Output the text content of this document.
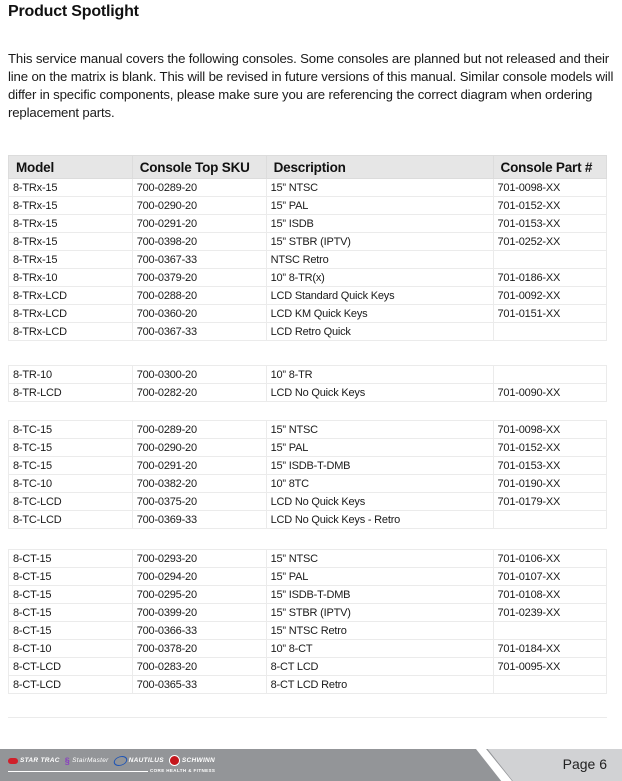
Product Spotlight
This service manual covers the following consoles. Some consoles are planned but not released and their line on the matrix is blank. This will be revised in future versions of this manual. Similar console models will differ in specific components, please make sure you are referencing the correct diagram when ordering replacement parts.
Model	Console Top SKU	Description	Console Part #
8-TRx-15	700-0289-20	15” NTSC	701-0098-XX
8-TRx-15	700-0290-20	15” PAL	701-0152-XX
8-TRx-15	700-0291-20	15” ISDB	701-0153-XX
8-TRx-15	700-0398-20	15” STBR (IPTV)	701-0252-XX
8-TRx-15	700-0367-33	NTSC Retro	
8-TRx-10	700-0379-20	10” 8-TR(x)	701-0186-XX
8-TRx-LCD	700-0288-20	LCD Standard Quick Keys	701-0092-XX
8-TRx-LCD	700-0360-20	LCD KM Quick Keys	701-0151-XX
8-TRx-LCD	700-0367-33	LCD Retro Quick	
8-TR-10	700-0300-20	10” 8-TR	
8-TR-LCD	700-0282-20	LCD No Quick Keys	701-0090-XX
8-TC-15	700-0289-20	15” NTSC	701-0098-XX
8-TC-15	700-0290-20	15” PAL	701-0152-XX
8-TC-15	700-0291-20	15” ISDB-T-DMB	701-0153-XX
8-TC-10	700-0382-20	10” 8TC	701-0190-XX
8-TC-LCD	700-0375-20	LCD No Quick Keys	701-0179-XX
8-TC-LCD	700-0369-33	LCD No Quick Keys - Retro	
8-CT-15	700-0293-20	15” NTSC	701-0106-XX
8-CT-15	700-0294-20	15” PAL	701-0107-XX
8-CT-15	700-0295-20	15” ISDB-T-DMB	701-0108-XX
8-CT-15	700-0399-20	15” STBR (IPTV)	701-0239-XX
8-CT-15	700-0366-33	15” NTSC Retro	
8-CT-10	700-0378-20	10” 8-CT	701-0184-XX
8-CT-LCD	700-0283-20	8-CT LCD	701-0095-XX
8-CT-LCD	700-0365-33	8-CT LCD Retro	
STAR TRAC § StairMaster	NAUTILUS	SCHWINN
CORE HEALTH & FITNESS	Page 6
